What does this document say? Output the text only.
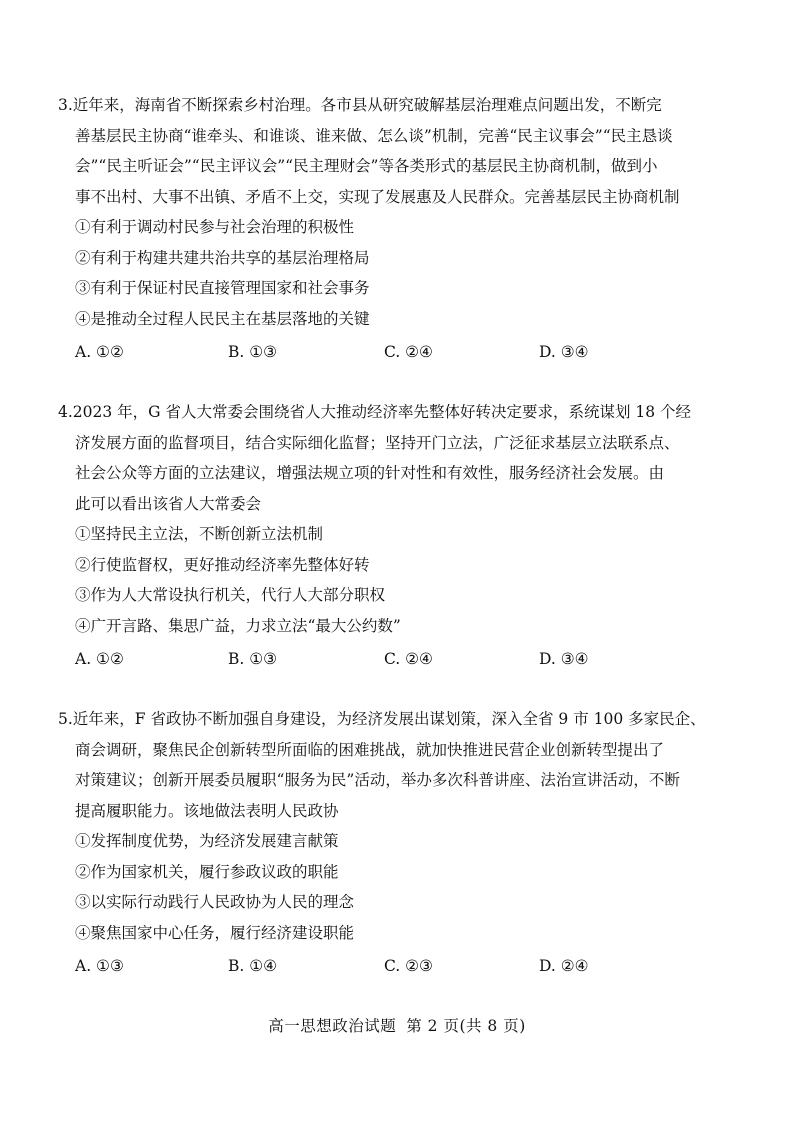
3.近年来，海南省不断探索乡村治理。各市县从研究破解基层治理难点问题出发，不断完
善基层民主协商“谁牵头、和谁谈、谁来做、怎么谈”机制，完善“民主议事会”“民主恳谈
会”“民主听证会”“民主评议会”“民主理财会”等各类形式的基层民主协商机制，做到小
事不出村、大事不出镇、矛盾不上交，实现了发展惠及人民群众。完善基层民主协商机制

①有利于调动村民参与社会治理的积极性

②有利于构建共建共治共享的基层治理格局

③有利于保证村民直接管理国家和社会事务

④是推动全过程人民民主在基层落地的关键

A. ①②	B. ①③	C. ②④	D. ③④

4.2023 年，G 省人大常委会围绕省人大推动经济率先整体好转决定要求，系统谋划 18 个经
济发展方面的监督项目，结合实际细化监督；坚持开门立法，广泛征求基层立法联系点、
社会公众等方面的立法建议，增强法规立项的针对性和有效性，服务经济社会发展。由
此可以看出该省人大常委会

①坚持民主立法，不断创新立法机制

②行使监督权，更好推动经济率先整体好转

③作为人大常设执行机关，代行人大部分职权

④广开言路、集思广益，力求立法“最大公约数”

A. ①②	B. ①③	C. ②④	D. ③④

5.近年来，F 省政协不断加强自身建设，为经济发展出谋划策，深入全省 9 市 100 多家民企、
商会调研，聚焦民企创新转型所面临的困难挑战，就加快推进民营企业创新转型提出了
对策建议；创新开展委员履职“服务为民”活动，举办多次科普讲座、法治宣讲活动，不断
提高履职能力。该地做法表明人民政协

①发挥制度优势，为经济发展建言献策

②作为国家机关，履行参政议政的职能

③以实际行动践行人民政协为人民的理念

④聚焦国家中心任务，履行经济建设职能

A. ①③	B. ①④	C. ②③	D. ②④
高一思想政治试题 第 2 页(共 8 页)
